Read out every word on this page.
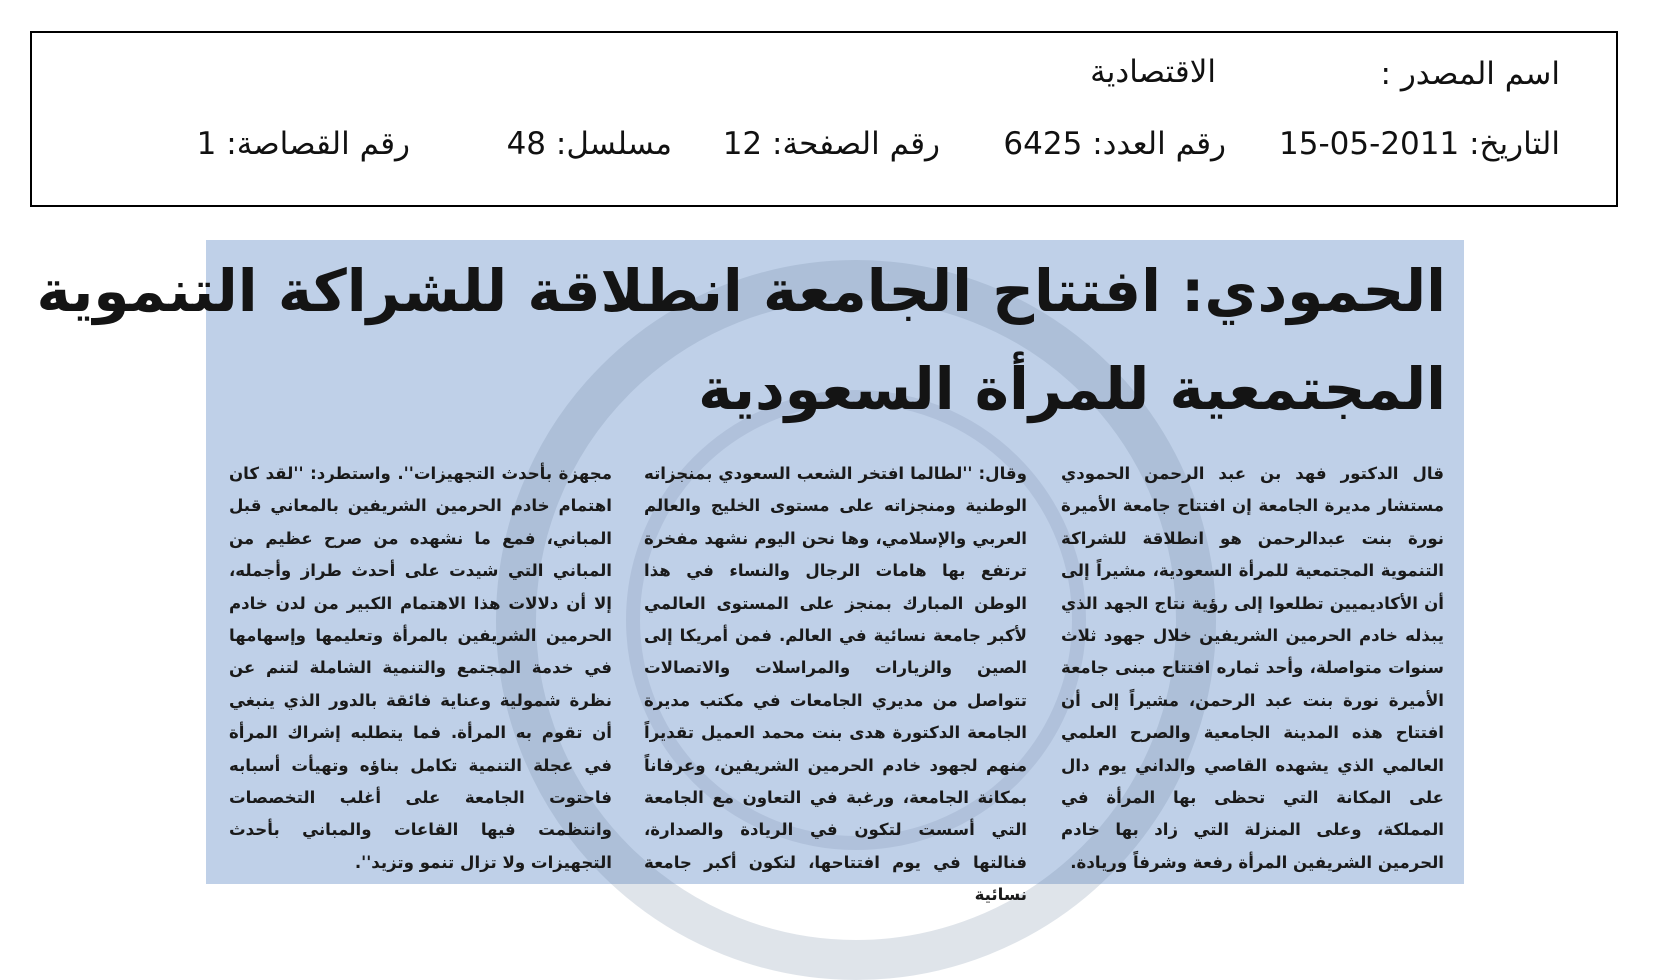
اسم المصدر :
الاقتصادية
التاريخ: 2011-05-15
رقم العدد: 6425
رقم الصفحة: 12
مسلسل: 48
رقم القصاصة: 1
الحمودي: افتتاح الجامعة انطلاقة للشراكة التنموية
المجتمعية للمرأة السعودية

قال الدكتور فهد بن عبد الرحمن الحمودي مستشار مديرة الجامعة إن افتتاح جامعة الأميرة نورة بنت عبدالرحمن هو انطلاقة للشراكة التنموية المجتمعية للمرأة السعودية، مشيراً إلى أن الأكاديميين تطلعوا إلى رؤية نتاج الجهد الذي يبذله خادم الحرمين الشريفين خلال جهود ثلاث سنوات متواصلة، وأحد ثماره افتتاح مبنى جامعة الأميرة نورة بنت عبد الرحمن، مشيراً إلى أن افتتاح هذه المدينة الجامعية والصرح العلمي العالمي الذي يشهده القاصي والداني يوم دال على المكانة التي تحظى بها المرأة في المملكة، وعلى المنزلة التي زاد بها خادم الحرمين الشريفين المرأة رفعة وشرفاً وريادة.

وقال: ''لطالما افتخر الشعب السعودي بمنجزاته الوطنية ومنجزاته على مستوى الخليج والعالم العربي والإسلامي، وها نحن اليوم نشهد مفخرة ترتفع بها هامات الرجال والنساء في هذا الوطن المبارك بمنجز على المستوى العالمي لأكبر جامعة نسائية في العالم. فمن أمريكا إلى الصين والزيارات والمراسلات والاتصالات تتواصل من مديري الجامعات في مكتب مديرة الجامعة الدكتورة هدى بنت محمد العميل تقديراً منهم لجهود خادم الحرمين الشريفين، وعرفاناً بمكانة الجامعة، ورغبة في التعاون مع الجامعة التي أسست لتكون في الريادة والصدارة، فنالتها في يوم افتتاحها، لتكون أكبر جامعة نسائية

مجهزة بأحدث التجهيزات''. واستطرد: ''لقد كان اهتمام خادم الحرمين الشريفين بالمعاني قبل المباني، فمع ما نشهده من صرح عظيم من المباني التي شيدت على أحدث طراز وأجمله، إلا أن دلالات هذا الاهتمام الكبير من لدن خادم الحرمين الشريفين بالمرأة وتعليمها وإسهامها في خدمة المجتمع والتنمية الشاملة لتنم عن نظرة شمولية وعناية فائقة بالدور الذي ينبغي أن تقوم به المرأة. فما يتطلبه إشراك المرأة في عجلة التنمية تكامل بناؤه وتهيأت أسبابه فاحتوت الجامعة على أغلب التخصصات وانتظمت فيها القاعات والمباني بأحدث التجهيزات ولا تزال تنمو وتزيد''.
